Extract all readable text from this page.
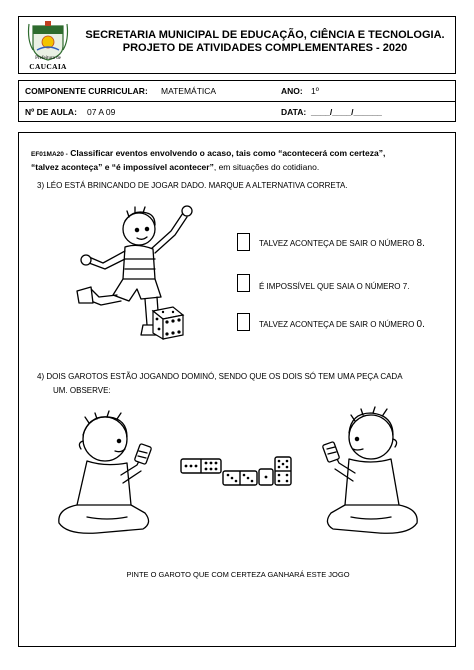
Prefeitura de
CAUCAIA
SECRETARIA MUNICIPAL DE EDUCAÇÃO, CIÊNCIA E TECNOLOGIA.
PROJETO DE ATIVIDADES COMPLEMENTARES - 2020
COMPONENTE CURRICULAR: MATEMÁTICA	ANO: 1º
Nº DE AULA: 07 A 09	DATA: ____/____/______
EF01MA20 - Classificar eventos envolvendo o acaso, tais como “acontecerá com certeza”,
“talvez aconteça” e “é impossível acontecer”, em situações do cotidiano.
3) LÉO ESTÁ BRINCANDO DE JOGAR DADO. MARQUE A ALTERNATIVA CORRETA.
TALVEZ ACONTEÇA DE SAIR O NÚMERO 8.
É IMPOSSÍVEL QUE SAIA O NÚMERO 7.
TALVEZ ACONTEÇA DE SAIR O NÚMERO 0.
4) DOIS GAROTOS ESTÃO JOGANDO DOMINÓ, SENDO QUE OS DOIS SÓ TEM UMA PEÇA CADA
UM. OBSERVE:
PINTE O GAROTO QUE COM CERTEZA GANHARÁ ESTE JOGO
